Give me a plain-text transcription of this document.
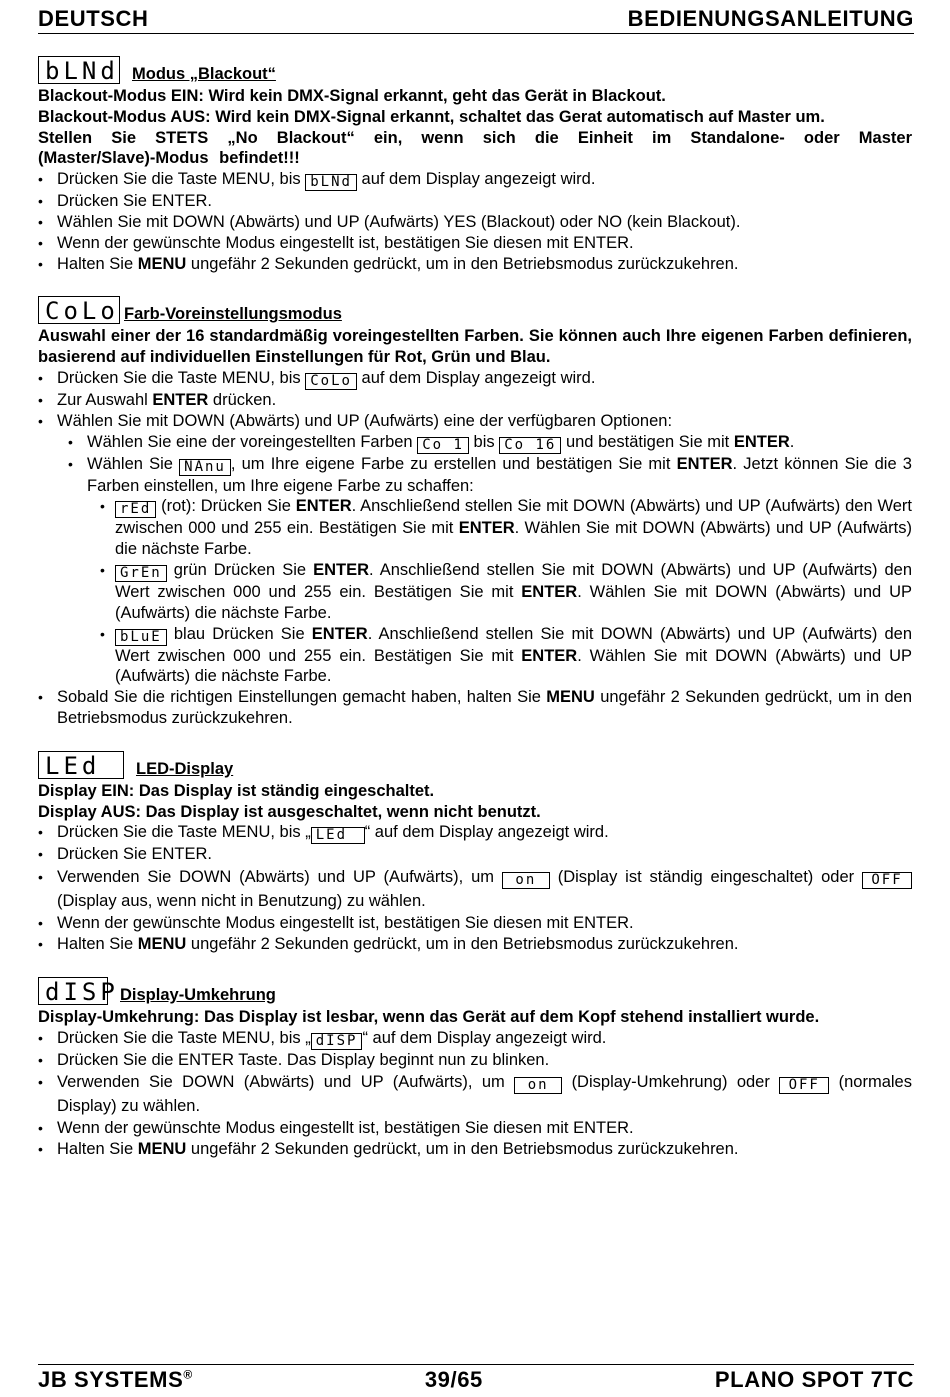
DEUTSCH	BEDIENUNGSANLEITUNG
bLNd Modus „Blackout“

Blackout-Modus EIN: Wird kein DMX-Signal erkannt, geht das Gerät in Blackout.

Blackout-Modus AUS: Wird kein DMX-Signal erkannt, schaltet das Gerat automatisch auf Master um.

Stellen Sie STETS „No Blackout“ ein, wenn sich die Einheit im Standalone- oder Master (Master/Slave)-Modus befindet!!!

• Drücken Sie die Taste MENU, bis bLNd auf dem Display angezeigt wird.
• Drücken Sie ENTER.
• Wählen Sie mit DOWN (Abwärts) und UP (Aufwärts) YES (Blackout) oder NO (kein Blackout).
• Wenn der gewünschte Modus eingestellt ist, bestätigen Sie diesen mit ENTER.
• Halten Sie MENU ungefähr 2 Sekunden gedrückt, um in den Betriebsmodus zurückzukehren.
CoLo Farb-Voreinstellungsmodus

Auswahl einer der 16 standardmäßig voreingestellten Farben. Sie können auch Ihre eigenen Farben definieren, basierend auf individuellen Einstellungen für Rot, Grün und Blau.

• Drücken Sie die Taste MENU, bis CoLo auf dem Display angezeigt wird.
• Zur Auswahl ENTER drücken.
• Wählen Sie mit DOWN (Abwärts) und UP (Aufwärts) eine der verfügbaren Optionen:
• Wählen Sie eine der voreingestellten Farben Co 1 bis Co 16 und bestätigen Sie mit ENTER.
• Wählen Sie NAnu , um Ihre eigene Farbe zu erstellen und bestätigen Sie mit ENTER. Jetzt können Sie die 3 Farben einstellen, um Ihre eigene Farbe zu schaffen:
• rEd (rot): Drücken Sie ENTER. Anschließend stellen Sie mit DOWN (Abwärts) und UP (Aufwärts) den Wert zwischen 000 und 255 ein. Bestätigen Sie mit ENTER. Wählen Sie mit DOWN (Abwärts) und UP (Aufwärts) die nächste Farbe.
• GrEn grün Drücken Sie ENTER. Anschließend stellen Sie mit DOWN (Abwärts) und UP (Aufwärts) den Wert zwischen 000 und 255 ein. Bestätigen Sie mit ENTER. Wählen Sie mit DOWN (Abwärts) und UP (Aufwärts) die nächste Farbe.
• bLuE blau Drücken Sie ENTER. Anschließend stellen Sie mit DOWN (Abwärts) und UP (Aufwärts) den Wert zwischen 000 und 255 ein. Bestätigen Sie mit ENTER. Wählen Sie mit DOWN (Abwärts) und UP (Aufwärts) die nächste Farbe.
• Sobald Sie die richtigen Einstellungen gemacht haben, halten Sie MENU ungefähr 2 Sekunden gedrückt, um in den Betriebsmodus zurückzukehren.
LEd	LED-Display

Display EIN: Das Display ist ständig eingeschaltet.

Display AUS: Das Display ist ausgeschaltet, wenn nicht benutzt.

• Drücken Sie die Taste MENU, bis „ LEd “ auf dem Display angezeigt wird.
• Drücken Sie ENTER.
• Verwenden Sie DOWN (Abwärts) und UP (Aufwärts), um on (Display ist ständig eingeschaltet) oder OFF (Display aus, wenn nicht in Benutzung) zu wählen.
• Wenn der gewünschte Modus eingestellt ist, bestätigen Sie diesen mit ENTER.
• Halten Sie MENU ungefähr 2 Sekunden gedrückt, um in den Betriebsmodus zurückzukehren.
dISP Display-Umkehrung

Display-Umkehrung: Das Display ist lesbar, wenn das Gerät auf dem Kopf stehend installiert wurde.

• Drücken Sie die Taste MENU, bis „ dISP “ auf dem Display angezeigt wird.
• Drücken Sie die ENTER Taste. Das Display beginnt nun zu blinken.
• Verwenden Sie DOWN (Abwärts) und UP (Aufwärts), um on (Display-Umkehrung) oder OFF (normales Display) zu wählen.
• Wenn der gewünschte Modus eingestellt ist, bestätigen Sie diesen mit ENTER.
• Halten Sie MENU ungefähr 2 Sekunden gedrückt, um in den Betriebsmodus zurückzukehren.
JB SYSTEMS®	39/65	PLANO SPOT 7TC
